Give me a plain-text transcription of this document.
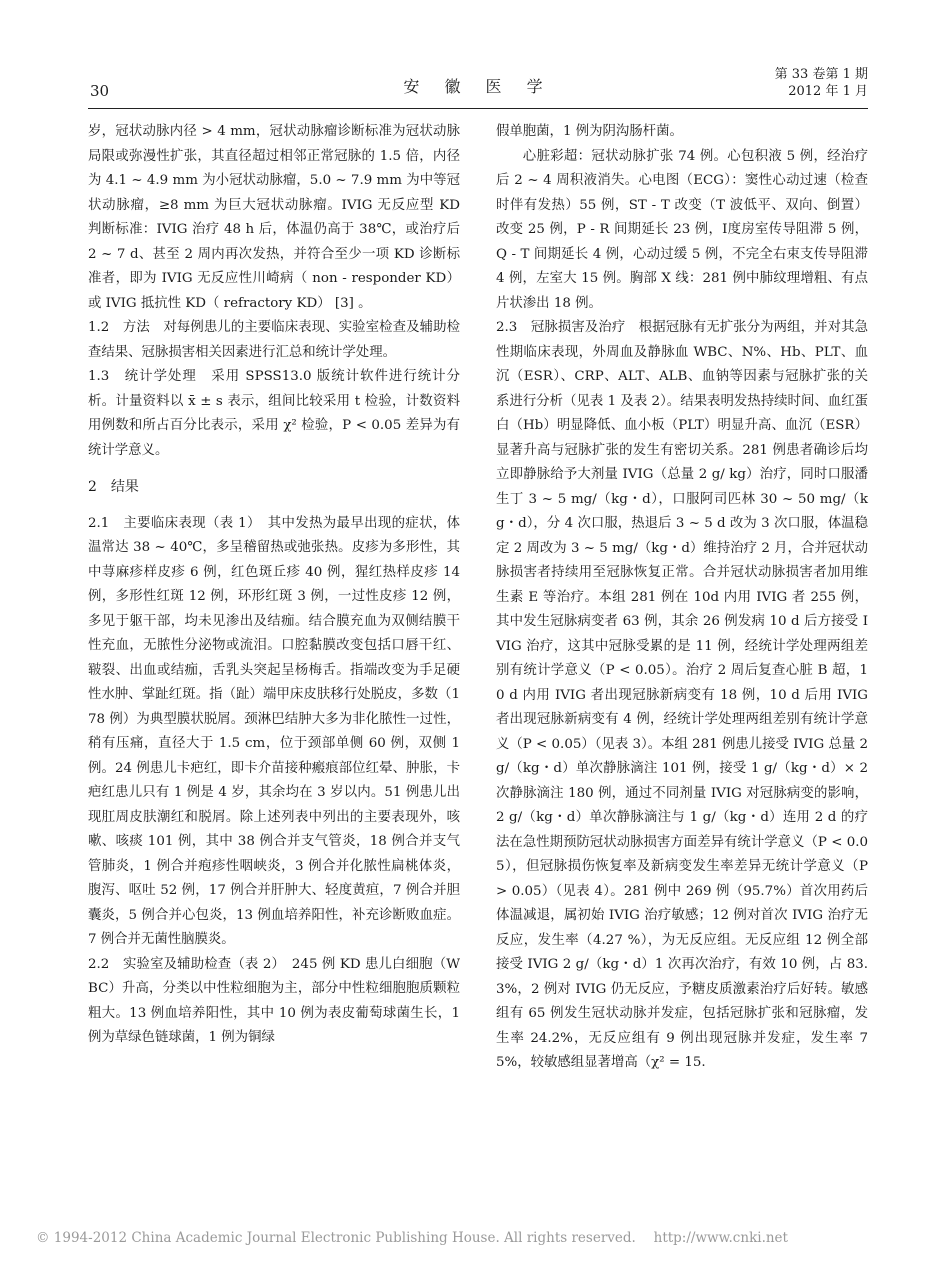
30	安 徽 医 学
第 33 卷第 1 期
2012 年 1 月

岁，冠状动脉内径 > 4 mm，冠状动脉瘤诊断标准为冠状动脉局限或弥漫性扩张，其直径超过相邻正常冠脉的 1.5 倍，内径为 4.1 ~ 4.9 mm 为小冠状动脉瘤，5.0 ~ 7.9 mm 为中等冠状动脉瘤，≥8 mm 为巨大冠状动脉瘤。IVIG 无反应型 KD 判断标准：IVIG 治疗 48 h 后，体温仍高于 38℃，或治疗后 2 ~ 7 d、甚至 2 周内再次发热，并符合至少一项 KD 诊断标准者，即为 IVIG 无反应性川崎病（ non - responder KD）或 IVIG 抵抗性 KD（ refractory KD） [3] 。

1.2　方法　对每例患儿的主要临床表现、实验室检查及辅助检查结果、冠脉损害相关因素进行汇总和统计学处理。

1.3　统计学处理　采用 SPSS13.0 版统计软件进行统计分析。计量资料以 x̄ ± s 表示，组间比较采用 t 检验，计数资料用例数和所占百分比表示，采用 χ² 检验，P < 0.05 差异为有统计学意义。

2　结果

2.1　主要临床表现（表 1）　其中发热为最早出现的症状，体温常达 38 ~ 40℃，多呈稽留热或弛张热。皮疹为多形性，其中荨麻疹样皮疹 6 例，红色斑丘疹 40 例，猩红热样皮疹 14 例，多形性红斑 12 例，环形红斑 3 例，一过性皮疹 12 例，多见于躯干部，均未见渗出及结痂。结合膜充血为双侧结膜干性充血，无脓性分泌物或流泪。口腔黏膜改变包括口唇干红、皲裂、出血或结痂，舌乳头突起呈杨梅舌。指端改变为手足硬性水肿、掌趾红斑。指（趾）端甲床皮肤移行处脱皮，多数（178 例）为典型膜状脱屑。颈淋巴结肿大多为非化脓性一过性，稍有压痛，直径大于 1.5 cm，位于颈部单侧 60 例，双侧 1 例。24 例患儿卡疤红，即卡介苗接种瘢痕部位红晕、肿胀，卡疤红患儿只有 1 例是 4 岁，其余均在 3 岁以内。51 例患儿出现肛周皮肤潮红和脱屑。除上述列表中列出的主要表现外，咳嗽、咳痰 101 例，其中 38 例合并支气管炎，18 例合并支气管肺炎，1 例合并疱疹性咽峡炎，3 例合并化脓性扁桃体炎，腹泻、呕吐 52 例，17 例合并肝肿大、轻度黄疸，7 例合并胆囊炎，5 例合并心包炎，13 例血培养阳性，补充诊断败血症。7 例合并无菌性脑膜炎。

2.2　实验室及辅助检查（表 2）　245 例 KD 患儿白细胞（WBC）升高，分类以中性粒细胞为主，部分中性粒细胞胞质颗粒粗大。13 例血培养阳性，其中 10 例为表皮葡萄球菌生长，1 例为草绿色链球菌，1 例为铜绿

假单胞菌，1 例为阴沟肠杆菌。

心脏彩超：冠状动脉扩张 74 例。心包积液 5 例，经治疗后 2 ~ 4 周积液消失。心电图（ECG）：窦性心动过速（检查时伴有发热）55 例，ST - T 改变（T 波低平、双向、倒置）改变 25 例，P - R 间期延长 23 例，Ⅰ度房室传导阻滞 5 例，Q - T 间期延长 4 例，心动过缓 5 例，不完全右束支传导阻滞 4 例，左室大 15 例。胸部 X 线：281 例中肺纹理增粗、有点片状渗出 18 例。

2.3　冠脉损害及治疗　根据冠脉有无扩张分为两组，并对其急性期临床表现，外周血及静脉血 WBC、N%、Hb、PLT、血沉（ESR）、CRP、ALT、ALB、血钠等因素与冠脉扩张的关系进行分析（见表 1 及表 2）。结果表明发热持续时间、血红蛋白（Hb）明显降低、血小板（PLT）明显升高、血沉（ESR）显著升高与冠脉扩张的发生有密切关系。281 例患者确诊后均立即静脉给予大剂量 IVIG（总量 2 g/ kg）治疗，同时口服潘生丁 3 ~ 5 mg/（kg・d），口服阿司匹林 30 ~ 50 mg/（kg・d），分 4 次口服，热退后 3 ~ 5 d 改为 3 次口服，体温稳定 2 周改为 3 ~ 5 mg/（kg・d）维持治疗 2 月，合并冠状动脉损害者持续用至冠脉恢复正常。合并冠状动脉损害者加用维生素 E 等治疗。本组 281 例在 10d 内用 IVIG 者 255 例，其中发生冠脉病变者 63 例，其余 26 例发病 10 d 后方接受 IVIG 治疗，这其中冠脉受累的是 11 例，经统计学处理两组差别有统计学意义（P < 0.05）。治疗 2 周后复查心脏 B 超，10 d 内用 IVIG 者出现冠脉新病变有 18 例，10 d 后用 IVIG 者出现冠脉新病变有 4 例，经统计学处理两组差别有统计学意义（P < 0.05）（见表 3）。本组 281 例患儿接受 IVIG 总量 2 g/（kg・d）单次静脉滴注 101 例，接受 1 g/（kg・d）× 2 次静脉滴注 180 例，通过不同剂量 IVIG 对冠脉病变的影响，2 g/（kg・d）单次静脉滴注与 1 g/（kg・d）连用 2 d 的疗法在急性期预防冠状动脉损害方面差异有统计学意义（P < 0.05），但冠脉损伤恢复率及新病变发生率差异无统计学意义（P > 0.05）（见表 4）。281 例中 269 例（95.7%）首次用药后体温减退，属初始 IVIG 治疗敏感；12 例对首次 IVIG 治疗无反应，发生率（4.27 %），为无反应组。无反应组 12 例全部接受 IVIG 2 g/（kg・d）1 次再次治疗，有效 10 例，占 83.3%，2 例对 IVIG 仍无反应，予糖皮质激素治疗后好转。敏感组有 65 例发生冠状动脉并发症，包括冠脉扩张和冠脉瘤，发生率 24.2%，无反应组有 9 例出现冠脉并发症，发生率 75%，较敏感组显著增高（χ² = 15.

© 1994-2012 China Academic Journal Electronic Publishing House. All rights reserved.　 http://www.cnki.net
